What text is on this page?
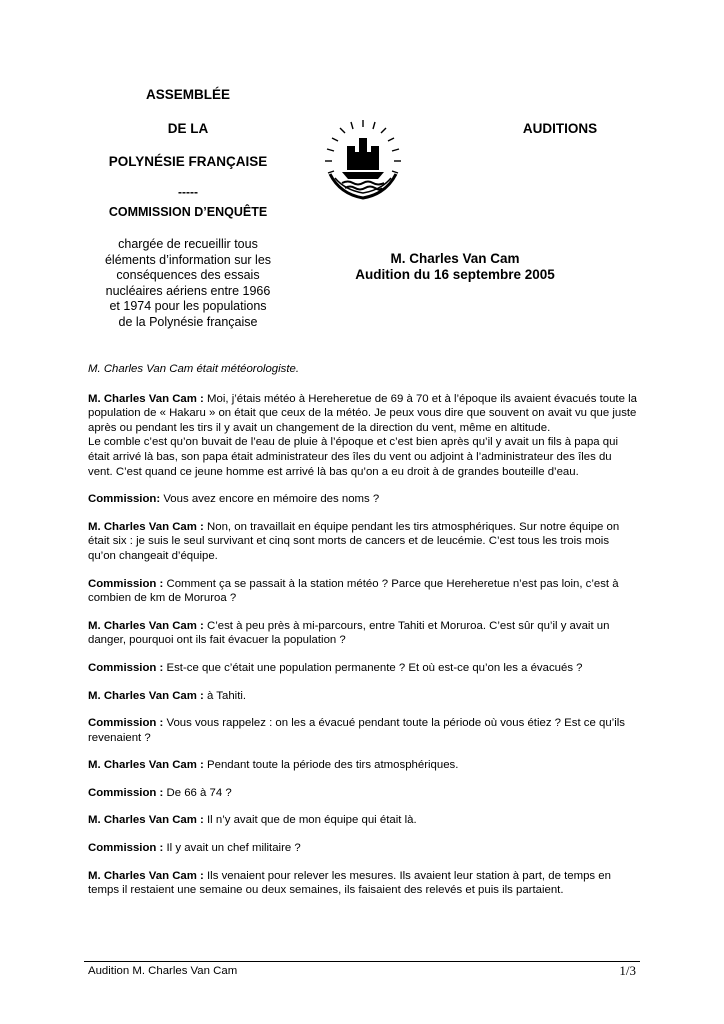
ASSEMBLÉE
DE LA
POLYNÉSIE FRANÇAISE
-----
COMMISSION D’ENQUÊTE
chargée de recueillir tous
éléments d’information sur les
conséquences des essais
nucléaires aériens entre 1966
et 1974 pour les populations
de la Polynésie française
AUDITIONS
M. Charles Van Cam
Audition du 16 septembre 2005

M. Charles Van Cam était météorologiste.

M. Charles Van Cam : Moi, j’étais météo à Hereheretue de 69 à 70 et à l’époque ils avaient évacués toute la population de « Hakaru » on était que ceux de la météo. Je peux vous dire que souvent on avait vu que juste après ou pendant les tirs il y avait un changement de la direction du vent, même en altitude.

Le comble c’est qu’on buvait de l’eau de pluie à l’époque et c’est bien après qu’il y avait un fils à papa qui était arrivé là bas, son papa était administrateur des îles du vent ou adjoint à l’administrateur des îles du vent. C’est quand ce jeune homme est arrivé là bas qu’on a eu droit à de grandes bouteille d’eau.

Commission: Vous avez encore en mémoire des noms ?

M. Charles Van Cam : Non, on travaillait en équipe pendant les tirs atmosphériques. Sur notre équipe on était six : je suis le seul survivant et cinq sont morts de cancers et de leucémie. C’est tous les trois mois qu’on changeait d’équipe.

Commission : Comment ça se passait à la station météo ? Parce que Hereheretue n’est pas loin, c’est à combien de km de Moruroa ?

M. Charles Van Cam : C’est à peu près à mi-parcours, entre Tahiti et Moruroa. C’est sûr qu’il y avait un danger, pourquoi ont ils fait évacuer la population ?

Commission : Est-ce que c’était une population permanente ? Et où est-ce qu’on les a évacués ?

M. Charles Van Cam : à Tahiti.

Commission : Vous vous rappelez : on les a évacué pendant toute la période où vous étiez ? Est ce qu’ils revenaient ?

M. Charles Van Cam : Pendant toute la période des tirs atmosphériques.

Commission : De 66 à 74 ?

M. Charles Van Cam : Il n’y avait que de mon équipe qui était là.

Commission : Il y avait un chef militaire ?

M. Charles Van Cam : Ils venaient pour relever les mesures. Ils avaient leur station à part, de temps en temps il restaient une semaine ou deux semaines, ils faisaient des relevés et puis ils partaient.

Audition M. Charles Van Cam	1/3
